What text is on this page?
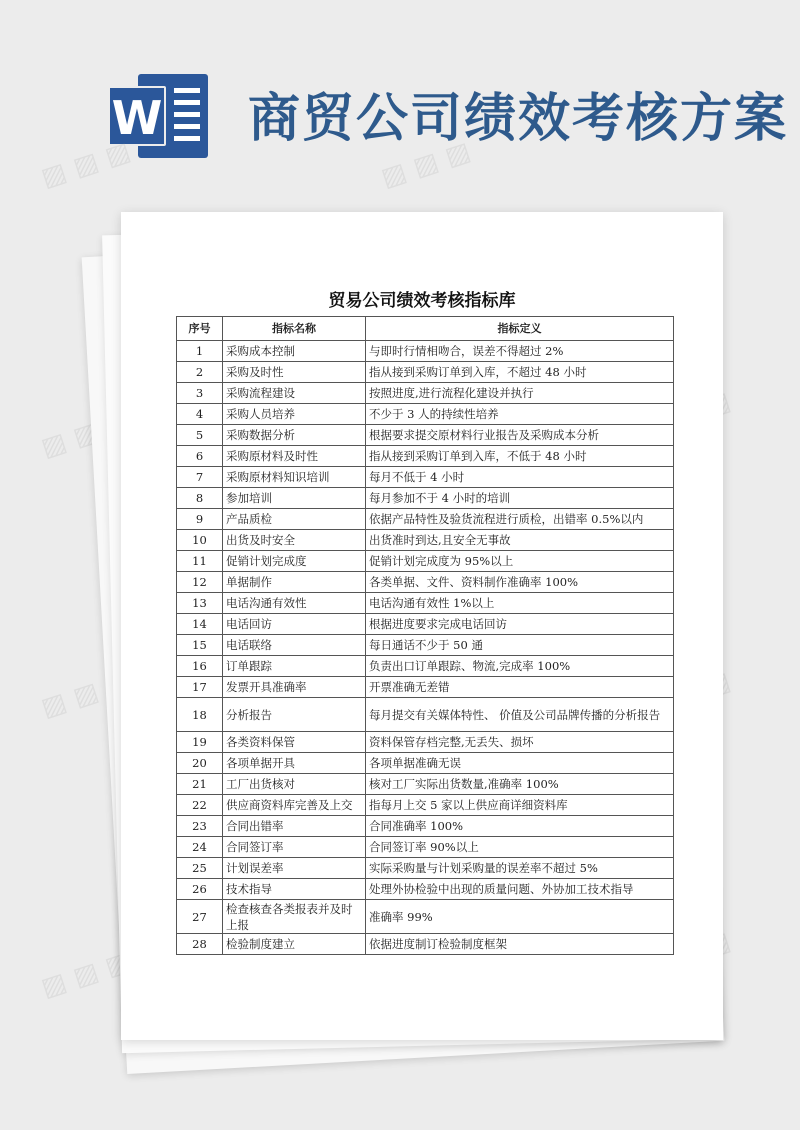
W 商贸公司绩效考核方案
▨ ▨ ▨	▨ ▨ ▨
▨ ▨ ▨
▨ ▨ ▨
▨ ▨ ▨
贸易公司绩效考核指标库
序号	指标名称	指标定义
1	采购成本控制	与即时行情相吻合，误差不得超过 2%
2	采购及时性	指从接到采购订单到入库，不超过 48 小时
3	采购流程建设	按照进度,进行流程化建设并执行
4	采购人员培养	不少于 3 人的持续性培养
5	采购数据分析	根据要求提交原材料行业报告及采购成本分析
6	采购原材料及时性	指从接到采购订单到入库，不低于 48 小时
7	采购原材料知识培训	每月不低于 4 小时
8	参加培训	每月参加不于 4 小时的培训
9	产品质检	依据产品特性及验货流程进行质检，出错率 0.5%以内
10	出货及时安全	出货准时到达,且安全无事故
11	促销计划完成度	促销计划完成度为 95%以上
12	单据制作	各类单据、文件、资料制作准确率 100%
13	电话沟通有效性	电话沟通有效性 1%以上
14	电话回访	根据进度要求完成电话回访
15	电话联络	每日通话不少于 50 通
16	订单跟踪	负责出口订单跟踪、物流,完成率 100%
17	发票开具准确率	开票准确无差错
18	分析报告	每月提交有关媒体特性、 价值及公司品牌传播的分析报告
19	各类资料保管	资料保管存档完整,无丢失、损坏
20	各项单据开具	各项单据准确无误
21	工厂出货核对	核对工厂实际出货数量,准确率 100%
22	供应商资料库完善及上交	指每月上交 5 家以上供应商详细资料库
23	合同出错率	合同准确率 100%
24	合同签订率	合同签订率 90%以上
25	计划误差率	实际采购量与计划采购量的误差率不超过 5%
26	技术指导	处理外协检验中出现的质量问题、外协加工技术指导
27	检查核查各类报表并及时上报	准确率 99%
28	检验制度建立	依据进度制订检验制度框架
